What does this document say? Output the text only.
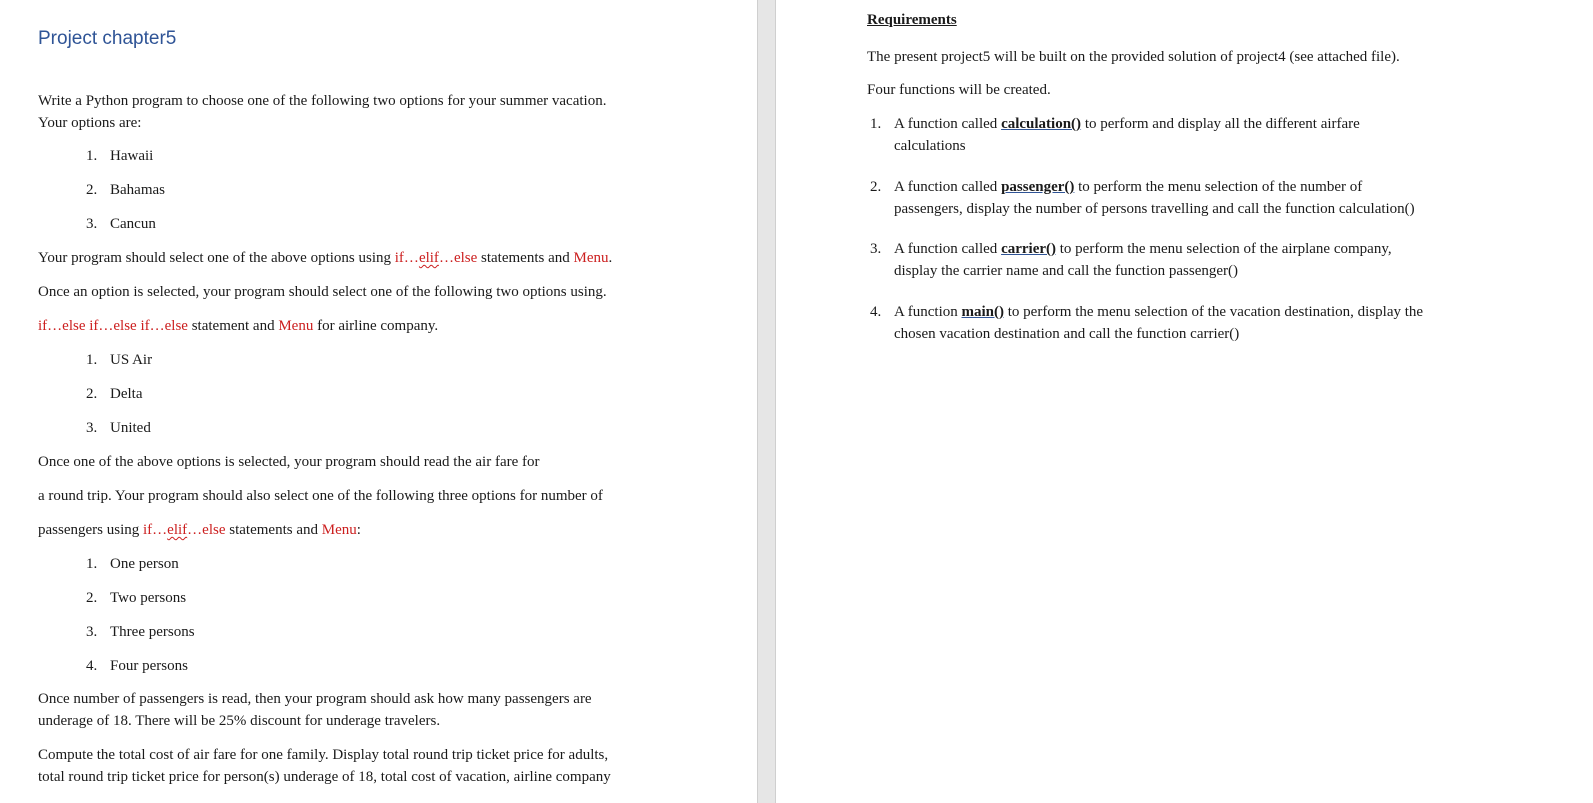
Project chapter5
Write a Python program to choose one of the following two options for your summer vacation.
Your options are:
1. Hawaii
2. Bahamas
3. Cancun
Your program should select one of the above options using if…elif…else statements and Menu.
Once an option is selected, your program should select one of the following two options using.
if…else if…else if…else statement and Menu for airline company.
1. US Air
2. Delta
3. United
Once one of the above options is selected, your program should read the air fare for
a round trip. Your program should also select one of the following three options for number of
passengers using if…elif…else statements and Menu:
1. One person
2. Two persons
3. Three persons
4. Four persons
Once number of passengers is read, then your program should ask how many passengers are
underage of 18. There will be 25% discount for underage travelers.
Compute the total cost of air fare for one family. Display total round trip ticket price for adults,
total round trip ticket price for person(s) underage of 18, total cost of vacation, airline company
Requirements
The present project5 will be built on the provided solution of project4 (see attached file).
Four functions will be created.
1. A function called calculation() to perform and display all the different airfare
calculations
2. A function called passenger() to perform the menu selection of the number of
passengers, display the number of persons travelling and call the function calculation()
3. A function called carrier() to perform the menu selection of the airplane company,
display the carrier name and call the function passenger()
4. A function main() to perform the menu selection of the vacation destination, display the
chosen vacation destination and call the function carrier()
